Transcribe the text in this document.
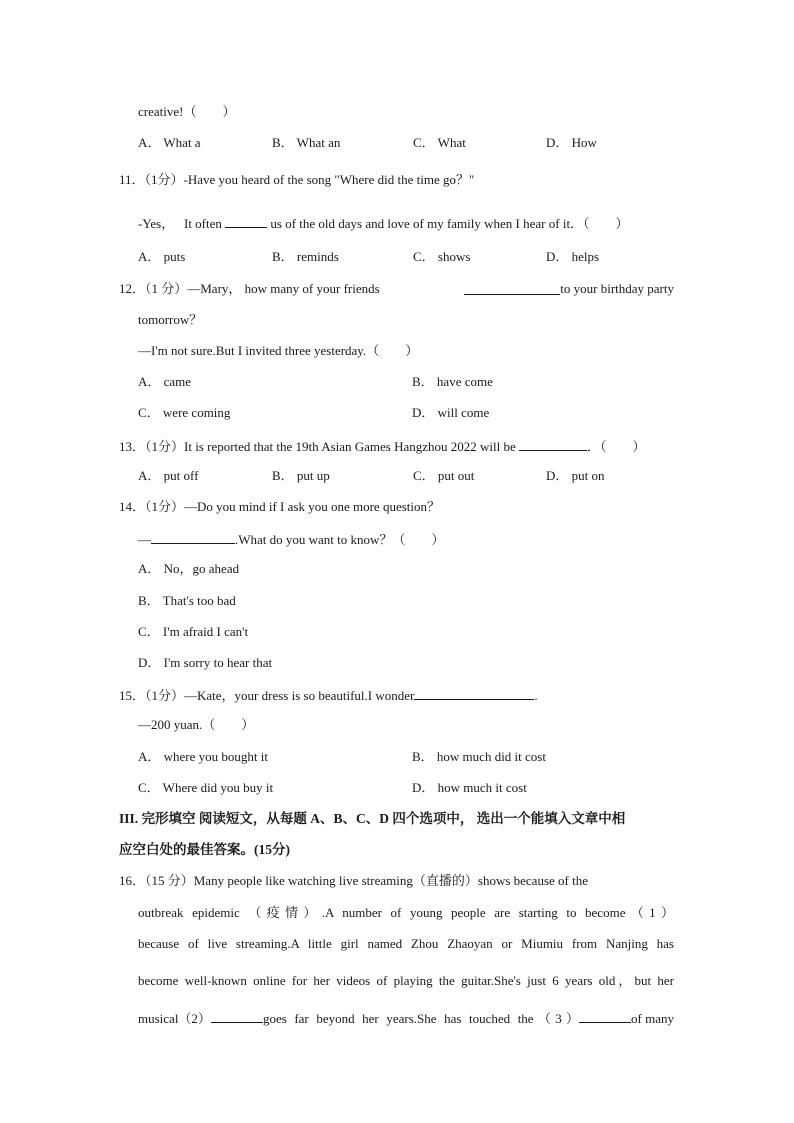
creative!（　　）
A． What a	B． What an	C． What	D． How
11．（1分）-Have you heard of the song "Where did the time go？"
-Yes，   It often	us of the old days and love of my family when I hear of it．（　　）
A． puts	B． reminds	C． shows	D． helps
12．（1 分）—Mary， how many of your friends	to your birthday party
tomorrow？
—I'm not sure.But I invited three yesterday.（　　）
A． came	B． have come
C． were coming	D． will come
13．（1分）It is reported that the 19th Asian Games Hangzhou 2022 will be	．（　　）
A． put off	B． put up	C． put out	D． put on
14．（1分）—Do you mind if I ask you one more question？
—	.What do you want to know？（　　）
A． No，go ahead
B． That's too bad
C． I'm afraid I can't
D． I'm sorry to hear that
15．（1分）—Kate，your dress is so beautiful.I wonder	.
—200 yuan.（　　）
A． where you bought it	B． how much did it cost
C． Where did you buy it	D． how much it cost
III. 完形填空 阅读短文，从每题 A、B、C、D 四个选项中， 选出一个能填入文章中相
应空白处的最佳答案。(15分)
16．（15 分）Many people like watching live streaming（直播的）shows because of the
outbreak epidemic （疫情）.A number of young people are starting to become（1）
because of live streaming.A little girl named Zhou Zhaoyan or Miumiu from Nanjing has
become well-known online for her videos of playing the guitar.She's just 6 years old，but her
musical（2）	goes far beyond her years.She has touched the（3）	of many
